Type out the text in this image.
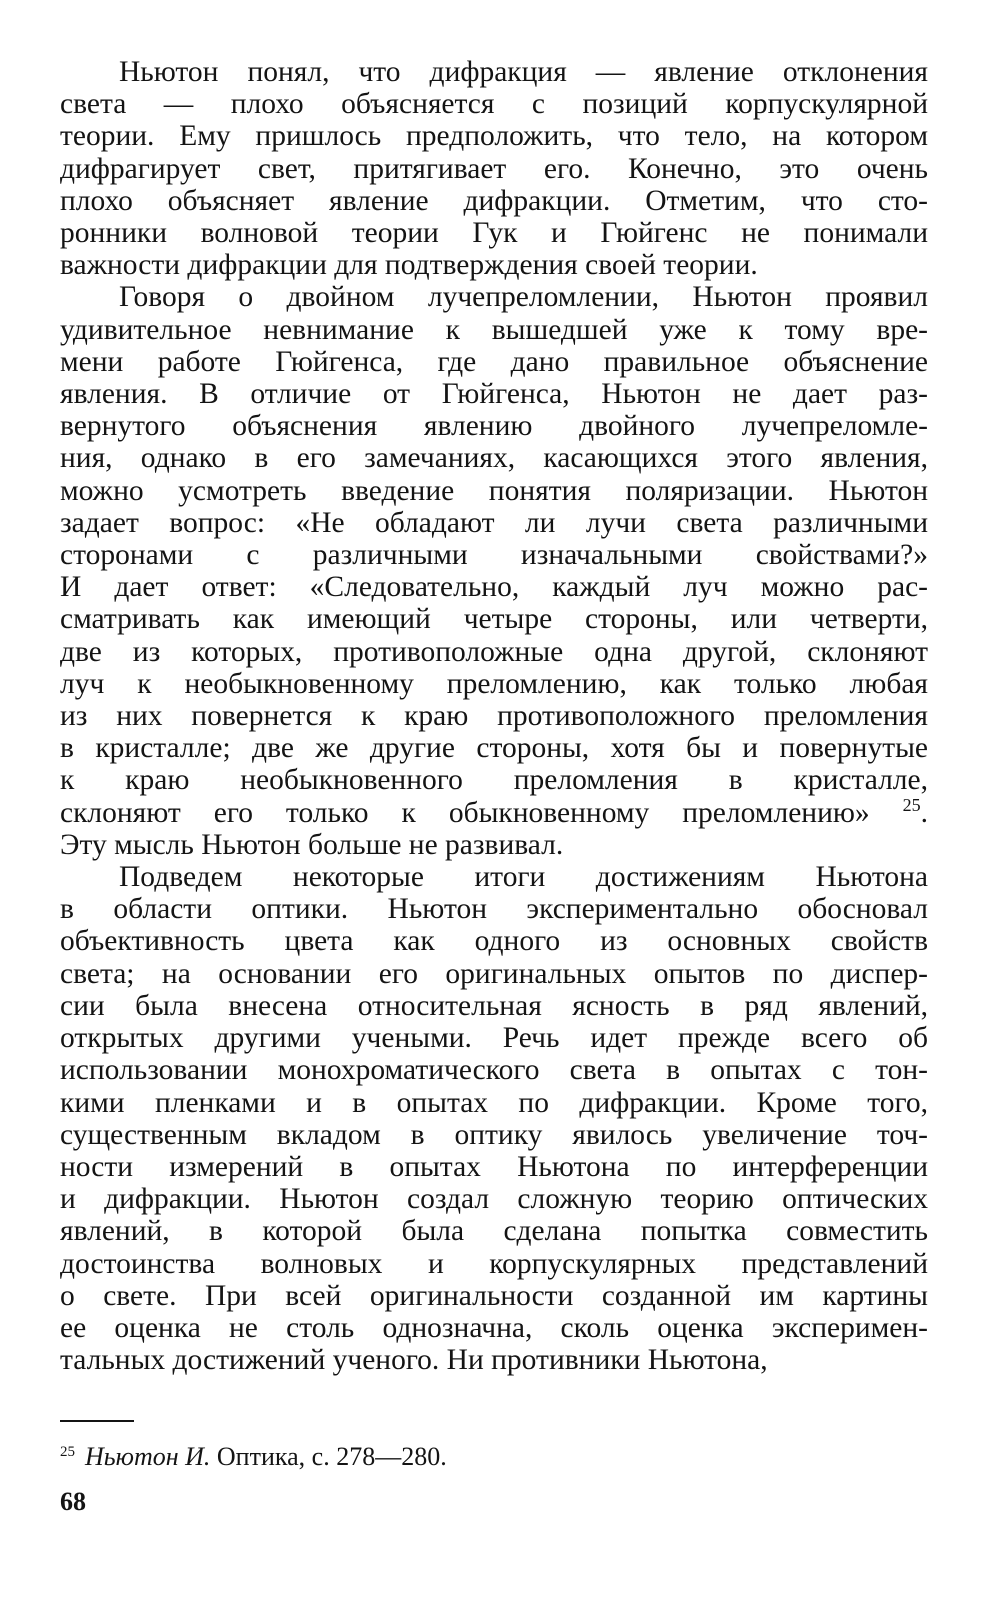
Ньютон понял, что дифракция — явление отклонения
света — плохо объясняется с позиций корпускулярной
теории. Ему пришлось предположить, что тело, на котором
дифрагирует свет, притягивает его. Конечно, это очень
плохо объясняет явление дифракции. Отметим, что сто-
ронники волновой теории Гук и Гюйгенс не понимали
важности дифракции для подтверждения своей теории.
Говоря о двойном лучепреломлении, Ньютон проявил
удивительное невнимание к вышедшей уже к тому вре-
мени работе Гюйгенса, где дано правильное объяснение
явления. В отличие от Гюйгенса, Ньютон не дает раз-
вернутого объяснения явлению двойного лучепреломле-
ния, однако в его замечаниях, касающихся этого явления,
можно усмотреть введение понятия поляризации. Ньютон
задает вопрос: «Не обладают ли лучи света различными
сторонами с различными изначальными свойствами?»
И дает ответ: «Следовательно, каждый луч можно рас-
сматривать как имеющий четыре стороны, или четверти,
две из которых, противоположные одна другой, склоняют
луч к необыкновенному преломлению, как только любая
из них повернется к краю противоположного преломления
в кристалле; две же другие стороны, хотя бы и повернутые
к краю необыкновенного преломления в кристалле,
склоняют его только к обыкновенному преломлению» $^{25}$.
Эту мысль Ньютон больше не развивал.
Подведем некоторые итоги достижениям Ньютона
в области оптики. Ньютон экспериментально обосновал
объективность цвета как одного из основных свойств
света; на основании его оригинальных опытов по диспер-
сии была внесена относительная ясность в ряд явлений,
открытых другими учеными. Речь идет прежде всего об
использовании монохроматического света в опытах с тон-
кими пленками и в опытах по дифракции. Кроме того,
существенным вкладом в оптику явилось увеличение точ-
ности измерений в опытах Ньютона по интерференции
и дифракции. Ньютон создал сложную теорию оптических
явлений, в которой была сделана попытка совместить
достоинства волновых и корпускулярных представлений
о свете. При всей оригинальности созданной им картины
ее оценка не столь однозначна, сколь оценка эксперимен-
тальных достижений ученого. Ни противники Ньютона,
$^{25}$ Ньютон И. Оптика, с. 278—280.
68
